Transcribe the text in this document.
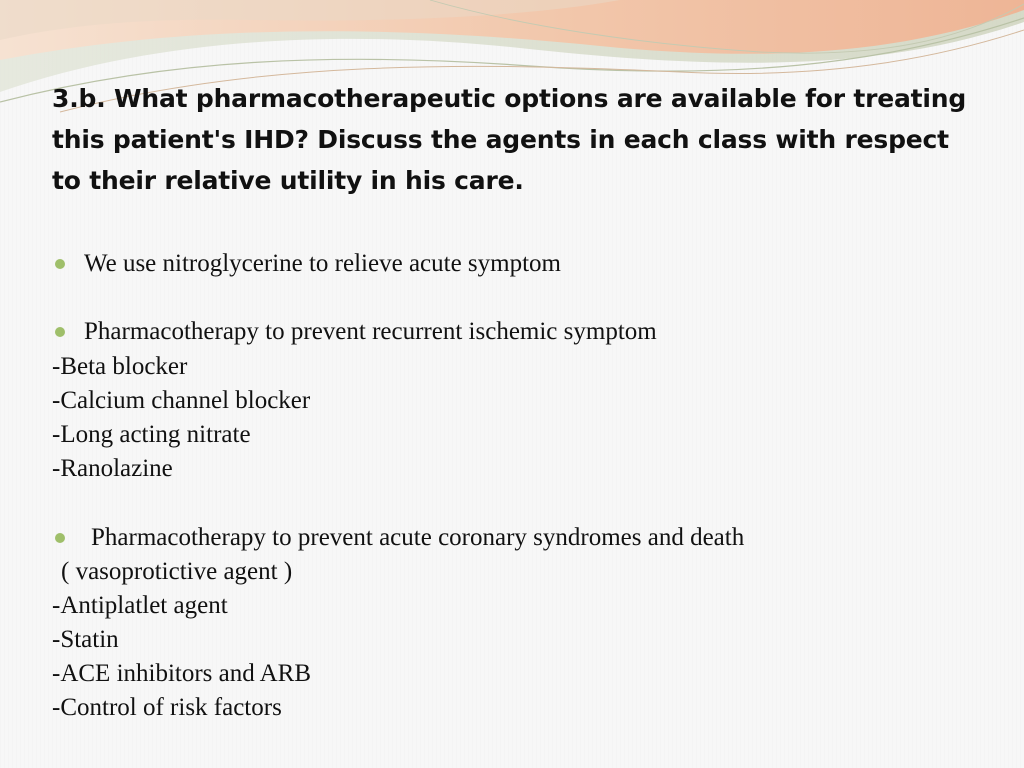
3.b. What pharmacotherapeutic options are available for treating this patient's IHD? Discuss the agents in each class with respect to their relative utility in his care.
We use nitroglycerine to relieve acute symptom
Pharmacotherapy to prevent recurrent ischemic symptom
-Beta blocker
-Calcium channel blocker
-Long acting nitrate
-Ranolazine
Pharmacotherapy to prevent acute coronary syndromes and death
( vasoprotictive agent )
-Antiplatlet agent
-Statin
-ACE inhibitors and ARB
-Control of risk factors
